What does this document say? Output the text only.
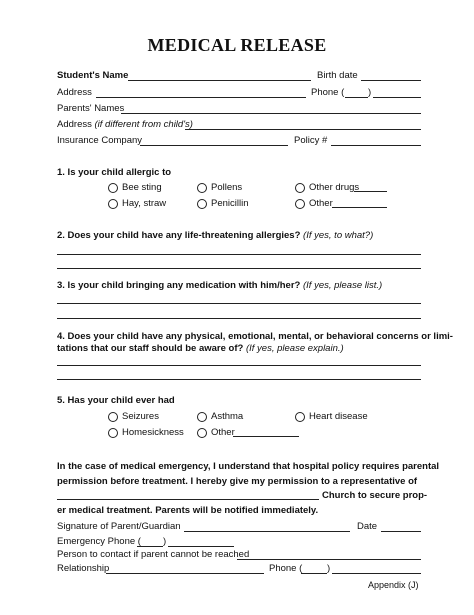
MEDICAL RELEASE
Student's Name	Birth date
Address	Phone ( )
Parents' Names
Address (if different from child's)
Insurance Company	Policy #
1. Is your child allergic to
Bee sting	Pollens	Other drugs
Hay, straw	Penicillin	Other
2. Does your child have any life-threatening allergies? (If yes, to what?)
3. Is your child bringing any medication with him/her? (If yes, please list.)
4. Does your child have any physical, emotional, mental, or behavioral concerns or limi-
tations that our staff should be aware of? (If yes, please explain.)
5. Has your child ever had
Seizures	Asthma	Heart disease
Homesickness	Other
In the case of medical emergency, I understand that hospital policy requires parental
permission before treatment. I hereby give my permission to a representative of
Church to secure prop-
er medical treatment. Parents will be notified immediately.
Signature of Parent/Guardian	Date
Emergency Phone ( )
Person to contact if parent cannot be reached
Relationship	Phone (	)
Appendix (J)
